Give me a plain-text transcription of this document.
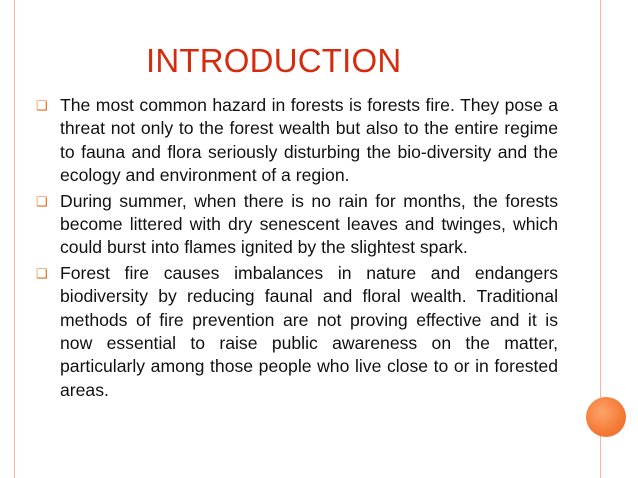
INTRODUCTION
❑ The most common hazard in forests is forests fire. They pose a threat not only to the forest wealth but also to the entire regime to fauna and flora seriously disturbing the bio-diversity and the ecology and environment of a region.
❑ During summer, when there is no rain for months, the forests become littered with dry senescent leaves and twinges, which could burst into flames ignited by the slightest spark.
❑ Forest fire causes imbalances in nature and endangers biodiversity by reducing faunal and floral wealth. Traditional methods of fire prevention are not proving effective and it is now essential to raise public awareness on the matter, particularly among those people who live close to or in forested areas.
